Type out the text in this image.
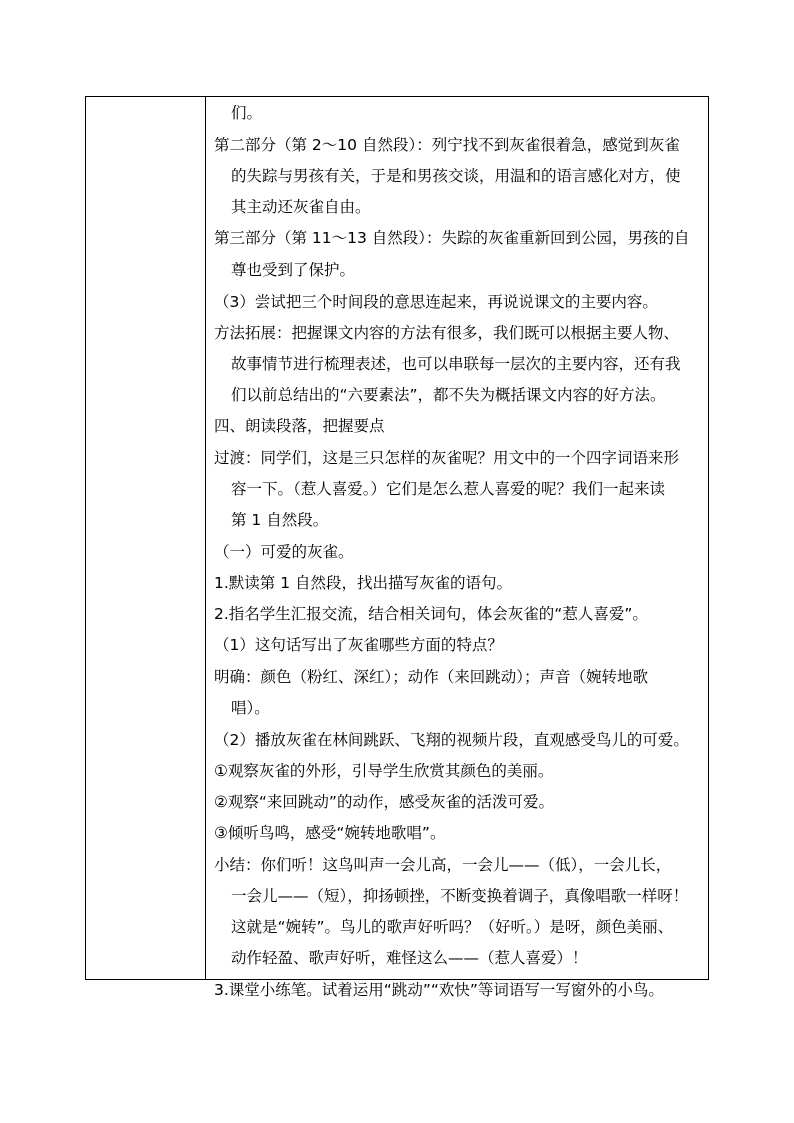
们。
第二部分（第 2～10 自然段）：列宁找不到灰雀很着急，感觉到灰雀
的失踪与男孩有关，于是和男孩交谈，用温和的语言感化对方，使
其主动还灰雀自由。
第三部分（第 11～13 自然段）：失踪的灰雀重新回到公园，男孩的自
尊也受到了保护。
（3）尝试把三个时间段的意思连起来，再说说课文的主要内容。
方法拓展：把握课文内容的方法有很多，我们既可以根据主要人物、
故事情节进行梳理表述，也可以串联每一层次的主要内容，还有我
们以前总结出的“六要素法”，都不失为概括课文内容的好方法。
四、朗读段落，把握要点
过渡：同学们，这是三只怎样的灰雀呢？用文中的一个四字词语来形
容一下。（惹人喜爱。）它们是怎么惹人喜爱的呢？我们一起来读
第 1 自然段。
（一）可爱的灰雀。
1.默读第 1 自然段，找出描写灰雀的语句。
2.指名学生汇报交流，结合相关词句，体会灰雀的“惹人喜爱”。
（1）这句话写出了灰雀哪些方面的特点？
明确：颜色（粉红、深红）；动作（来回跳动）；声音（婉转地歌
唱）。
（2）播放灰雀在林间跳跃、飞翔的视频片段，直观感受鸟儿的可爱。
①观察灰雀的外形，引导学生欣赏其颜色的美丽。
②观察“来回跳动”的动作，感受灰雀的活泼可爱。
③倾听鸟鸣，感受“婉转地歌唱”。
小结：你们听！这鸟叫声一会儿高，一会儿——（低），一会儿长，
一会儿——（短），抑扬顿挫，不断变换着调子，真像唱歌一样呀！
这就是“婉转”。鸟儿的歌声好听吗？（好听。）是呀，颜色美丽、
动作轻盈、歌声好听，难怪这么——（惹人喜爱）！
3.课堂小练笔。试着运用“跳动”“欢快”等词语写一写窗外的小鸟。
